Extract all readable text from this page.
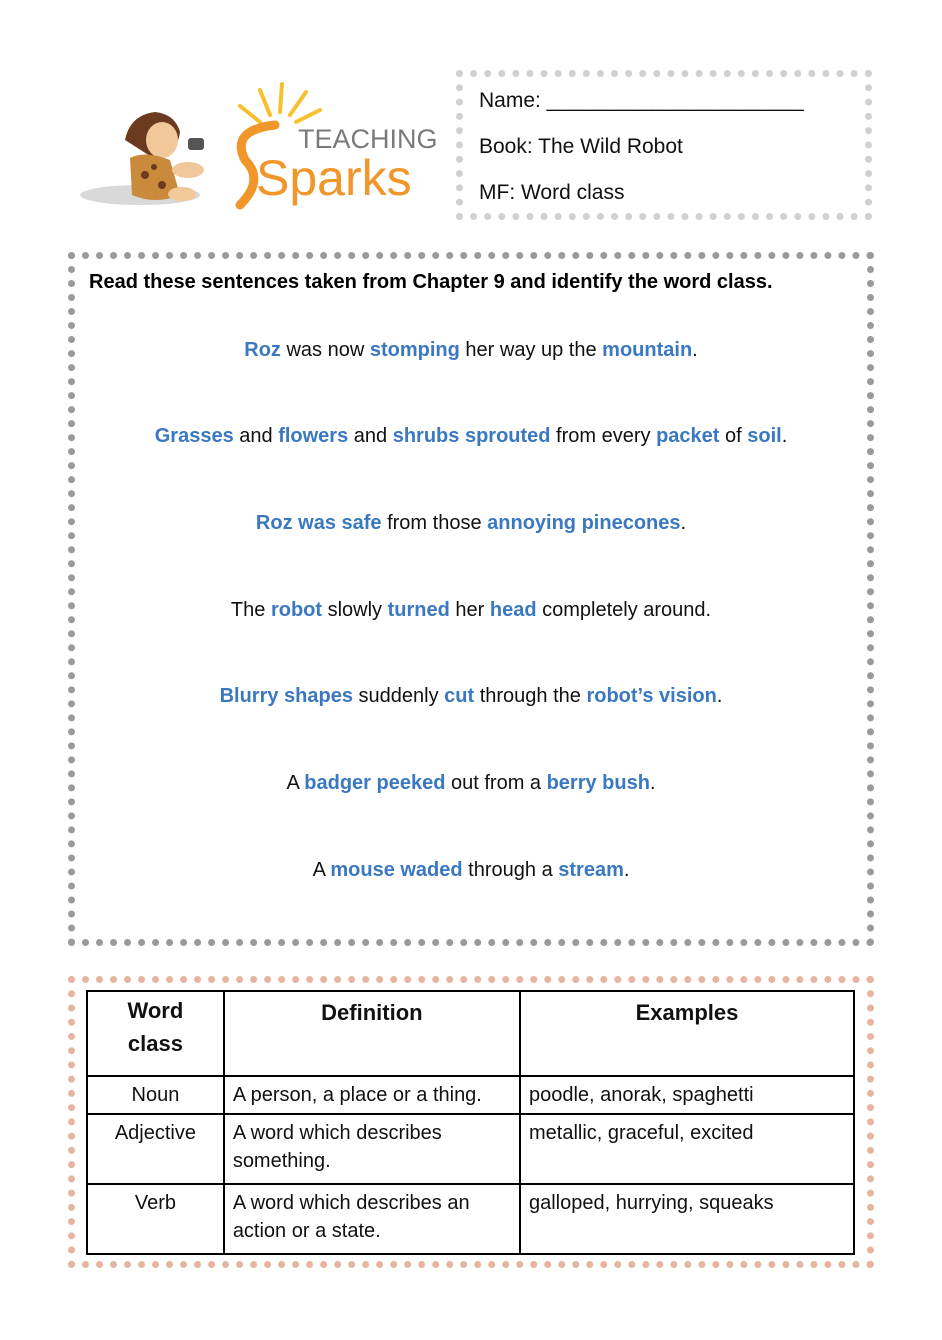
TEACHING
Sparks
Name: ______________________
Book: The Wild Robot
MF: Word class
Read these sentences taken from Chapter 9 and identify the word class.
Roz was now stomping her way up the mountain.
Grasses and flowers and shrubs sprouted from every packet of soil.
Roz was safe from those annoying pinecones.
The robot slowly turned her head completely around.
Blurry shapes suddenly cut through the robot’s vision.
A badger peeked out from a berry bush.
A mouse waded through a stream.
Word class	Definition	Examples
Noun	A person, a place or a thing.	poodle, anorak, spaghetti
Adjective	A word which describes something.	metallic, graceful, excited
Verb	A word which describes an action or a state.	galloped, hurrying, squeaks
